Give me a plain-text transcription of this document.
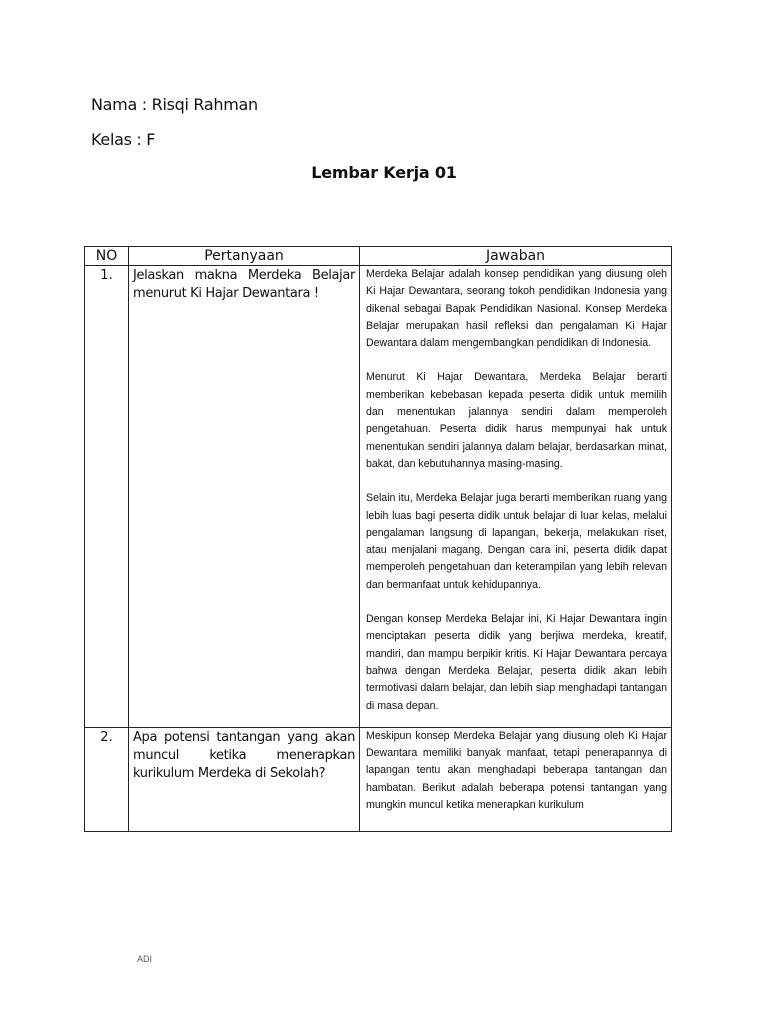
Nama : Risqi Rahman
Kelas : F
Lembar Kerja 01
NO	Pertanyaan	Jawaban
1.	Jelaskan makna Merdeka Belajar menurut Ki Hajar Dewantara !	Merdeka Belajar adalah konsep pendidikan yang diusung oleh Ki Hajar Dewantara, seorang tokoh pendidikan Indonesia yang dikenal sebagai Bapak Pendidikan Nasional. Konsep Merdeka Belajar merupakan hasil refleksi dan pengalaman Ki Hajar Dewantara dalam mengembangkan pendidikan di Indonesia.

Menurut Ki Hajar Dewantara, Merdeka Belajar berarti memberikan kebebasan kepada peserta didik untuk memilih dan menentukan jalannya sendiri dalam memperoleh pengetahuan. Peserta didik harus mempunyai hak untuk menentukan sendiri jalannya dalam belajar, berdasarkan minat, bakat, dan kebutuhannya masing-masing.

Selain itu, Merdeka Belajar juga berarti memberikan ruang yang lebih luas bagi peserta didik untuk belajar di luar kelas, melalui pengalaman langsung di lapangan, bekerja, melakukan riset, atau menjalani magang. Dengan cara ini, peserta didik dapat memperoleh pengetahuan dan keterampilan yang lebih relevan dan bermanfaat untuk kehidupannya.

Dengan konsep Merdeka Belajar ini, Ki Hajar Dewantara ingin menciptakan peserta didik yang berjiwa merdeka, kreatif, mandiri, dan mampu berpikir kritis. Ki Hajar Dewantara percaya bahwa dengan Merdeka Belajar, peserta didik akan lebih termotivasi dalam belajar, dan lebih siap menghadapi tantangan di masa depan.

2.	Apa potensi tantangan yang akan muncul ketika menerapkan kurikulum Merdeka di Sekolah?	Meskipun konsep Merdeka Belajar yang diusung oleh Ki Hajar Dewantara memiliki banyak manfaat, tetapi penerapannya di lapangan tentu akan menghadapi beberapa tantangan dan hambatan. Berikut adalah beberapa potensi tantangan yang mungkin muncul ketika menerapkan kurikulum

ADI
